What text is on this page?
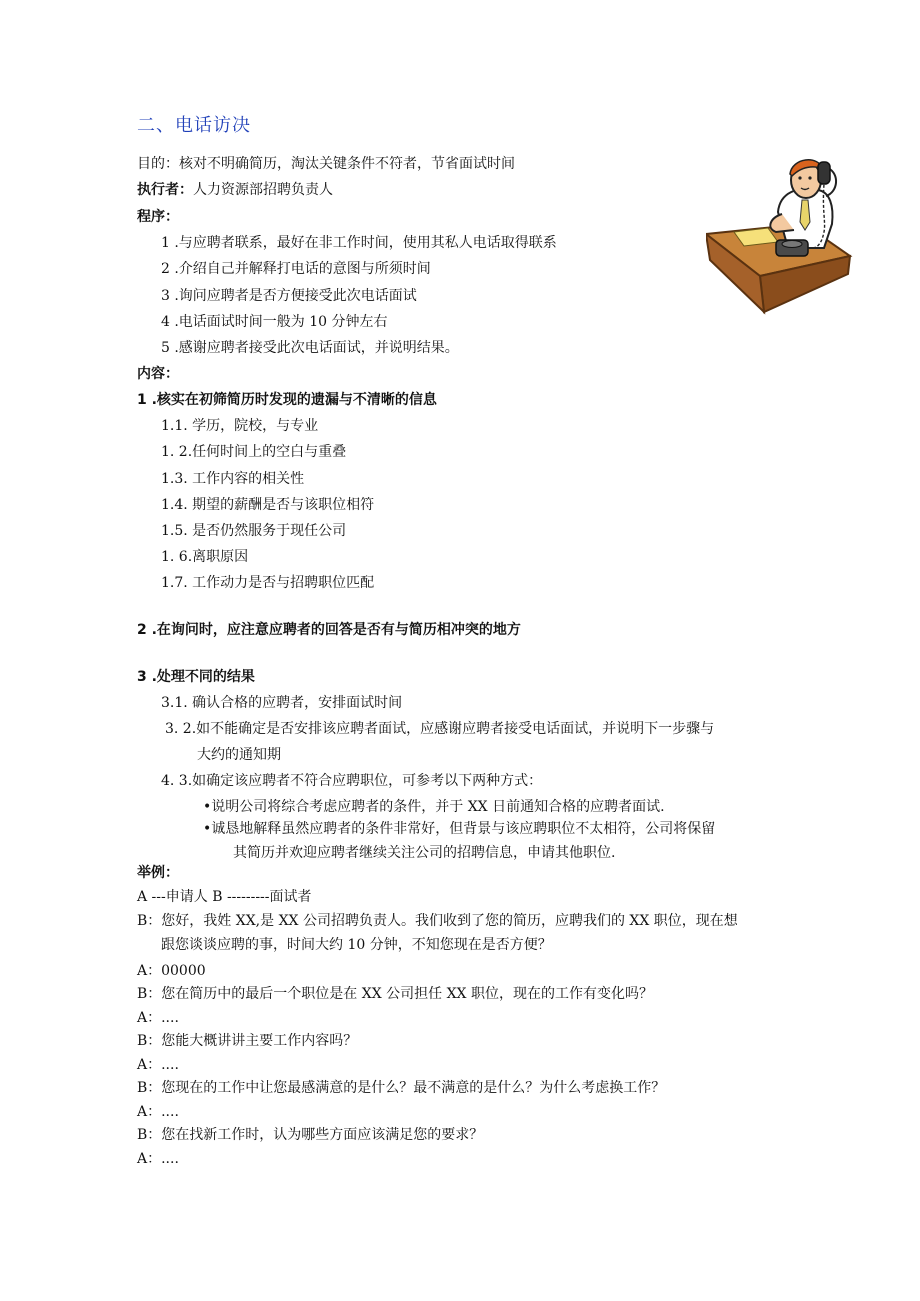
二、电话访决
目的：核对不明确简历，淘汰关键条件不符者，节省面试时间
执行者：人力资源部招聘负责人
程序：
1 .与应聘者联系，最好在非工作时间，使用其私人电话取得联系
2 .介绍自己并解释打电话的意图与所须时间
3 .询问应聘者是否方便接受此次电话面试
4 .电话面试时间一般为 10 分钟左右
5 .感谢应聘者接受此次电话面试，并说明结果。
内容：
1 .核实在初筛简历时发现的遗漏与不清晰的信息
1.1. 学历，院校，与专业
1. 2.任何时间上的空白与重叠
1.3. 工作内容的相关性
1.4. 期望的薪酬是否与该职位相符
1.5. 是否仍然服务于现任公司
1. 6.离职原因
1.7. 工作动力是否与招聘职位匹配
2 .在询问时，应注意应聘者的回答是否有与简历相冲突的地方
3 .处理不同的结果
3.1. 确认合格的应聘者，安排面试时间
3. 2.如不能确定是否安排该应聘者面试，应感谢应聘者接受电话面试，并说明下一步骤与
大约的通知期
4. 3.如确定该应聘者不符合应聘职位，可参考以下两种方式：
•说明公司将综合考虑应聘者的条件，并于 XX 日前通知合格的应聘者面试.
•诚恳地解释虽然应聘者的条件非常好，但背景与该应聘职位不太相符，公司将保留
其简历并欢迎应聘者继续关注公司的招聘信息，申请其他职位.
举例：
A ---申请人 B ---------面试者
B：您好，我姓 XX,是 XX 公司招聘负责人。我们收到了您的简历，应聘我们的 XX 职位，现在想
跟您谈谈应聘的事，时间大约 10 分钟，不知您现在是否方便？
A：00000
B：您在简历中的最后一个职位是在 XX 公司担任 XX 职位，现在的工作有变化吗？
A：....
B：您能大概讲讲主要工作内容吗？
A：....
B：您现在的工作中让您最感满意的是什么？最不满意的是什么？为什么考虑换工作？
A：....
B：您在找新工作时，认为哪些方面应该满足您的要求？
A：....
